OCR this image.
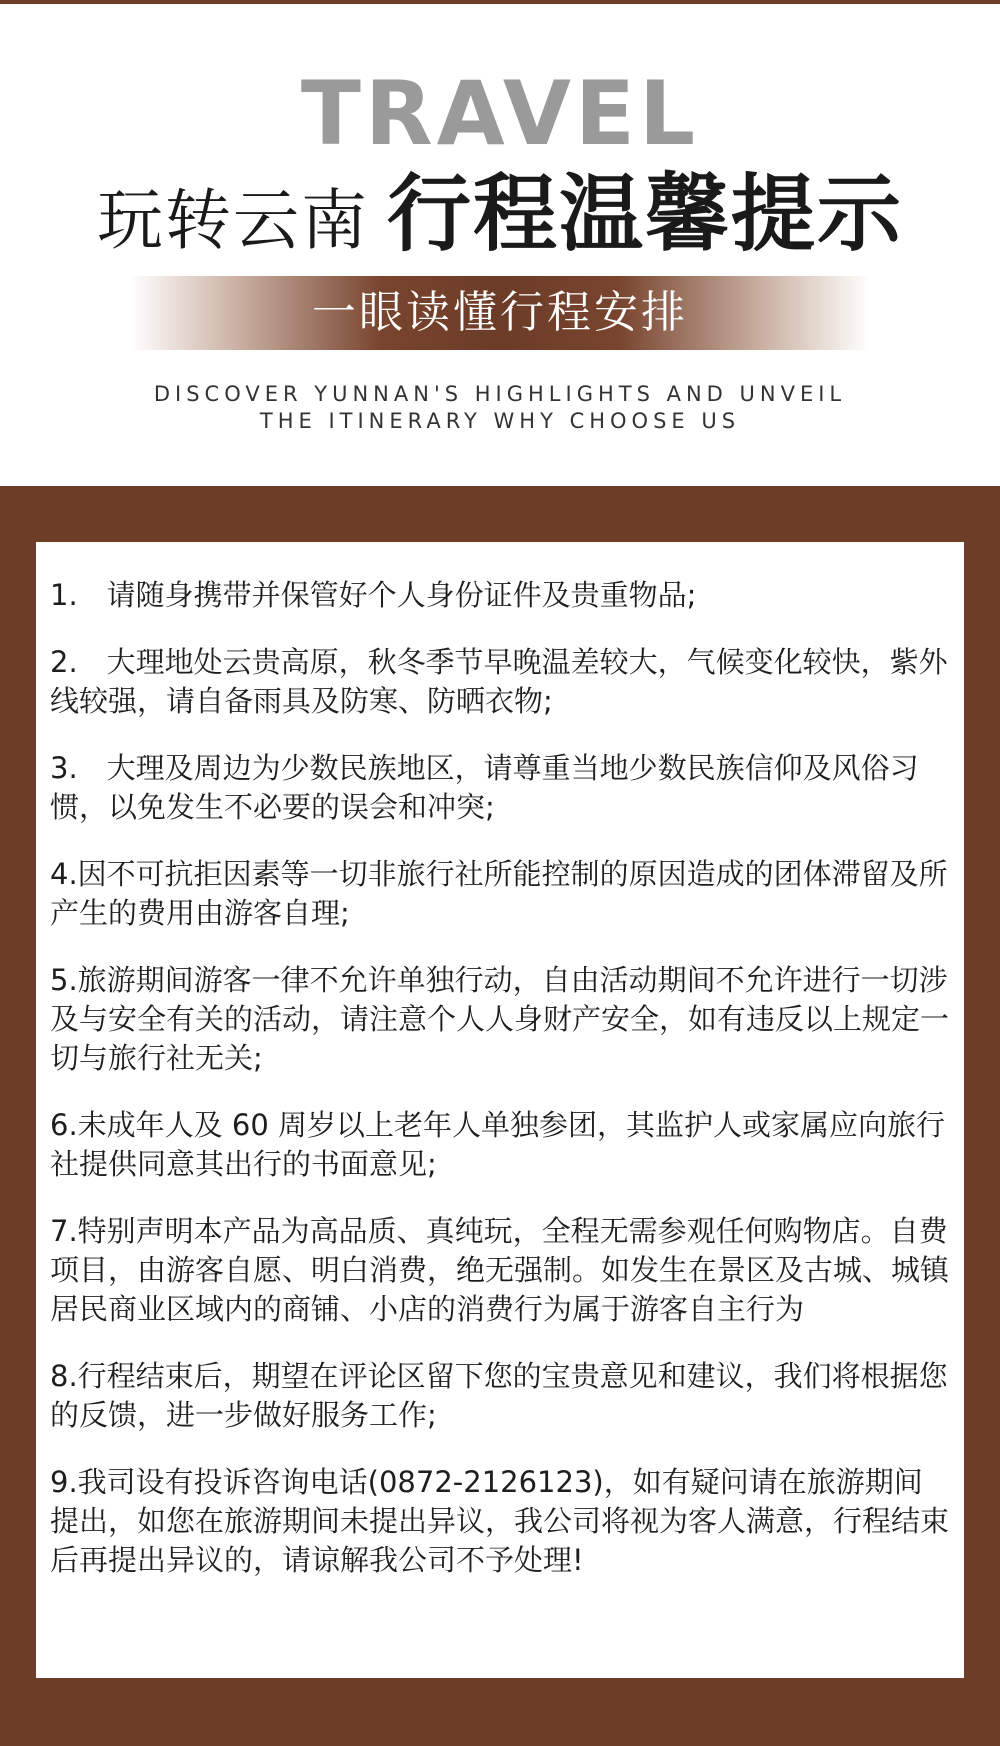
TRAVEL
玩转云南 行程温馨提示
一眼读懂行程安排
DISCOVER YUNNAN'S HIGHLIGHTS AND UNVEIL
THE ITINERARY WHY CHOOSE US
1.　请随身携带并保管好个人身份证件及贵重物品;
2.　大理地处云贵高原，秋冬季节早晚温差较大，气候变化较快，紫外线较强，请自备雨具及防寒、防晒衣物;
3.　大理及周边为少数民族地区，请尊重当地少数民族信仰及风俗习惯，以免发生不必要的误会和冲突;
4.因不可抗拒因素等一切非旅行社所能控制的原因造成的团体滞留及所产生的费用由游客自理;
5.旅游期间游客一律不允许单独行动，自由活动期间不允许进行一切涉及与安全有关的活动，请注意个人人身财产安全，如有违反以上规定一切与旅行社无关;
6.未成年人及 60 周岁以上老年人单独参团，其监护人或家属应向旅行社提供同意其出行的书面意见;
7.特别声明本产品为高品质、真纯玩，全程无需参观任何购物店。自费项目，由游客自愿、明白消费，绝无强制。如发生在景区及古城、城镇居民商业区域内的商铺、小店的消费行为属于游客自主行为
8.行程结束后，期望在评论区留下您的宝贵意见和建议，我们将根据您的反馈，进一步做好服务工作;
9.我司设有投诉咨询电话(0872-2126123)，如有疑问请在旅游期间提出，如您在旅游期间未提出异议，我公司将视为客人满意，行程结束后再提出异议的，请谅解我公司不予处理!
